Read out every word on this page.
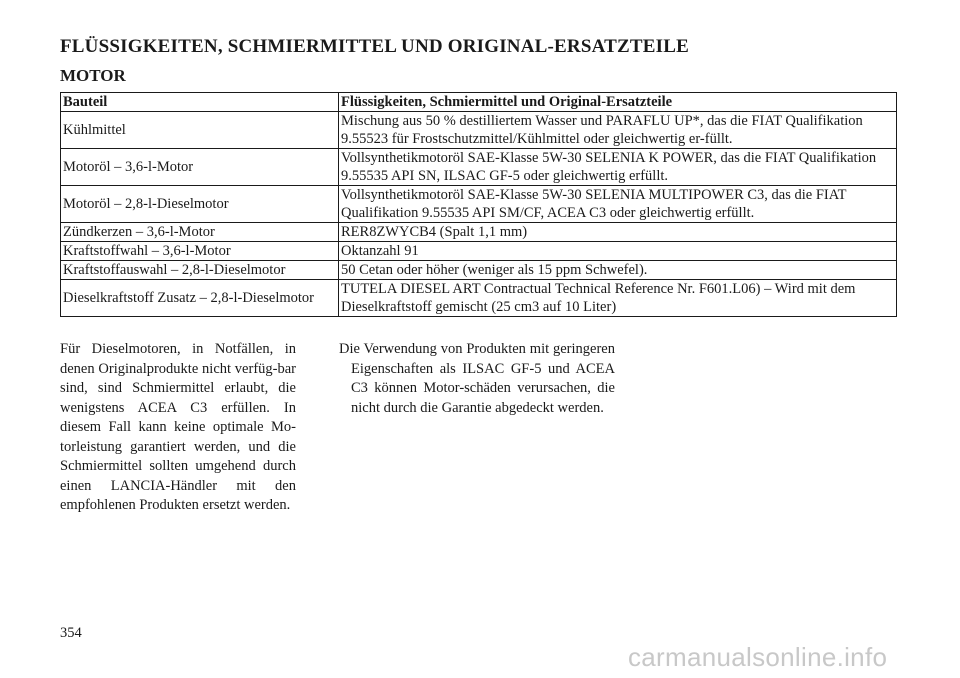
FLÜSSIGKEITEN, SCHMIERMITTEL UND ORIGINAL-ERSATZTEILE
MOTOR
Bauteil	Flüssigkeiten, Schmiermittel und Original-Ersatzteile
Kühlmittel	Mischung aus 50 % destilliertem Wasser und PARAFLU UP*, das die FIAT Qualifikation 9.55523 für Frostschutzmittel/Kühlmittel oder gleichwertig er-füllt.
Motoröl – 3,6-l-Motor	Vollsynthetikmotoröl SAE-Klasse 5W-30 SELENIA K POWER, das die FIAT Qualifikation 9.55535 API SN, ILSAC GF-5 oder gleichwertig erfüllt.
Motoröl – 2,8-l-Dieselmotor	Vollsynthetikmotoröl SAE-Klasse 5W-30 SELENIA MULTIPOWER C3, das die FIAT Qualifikation 9.55535 API SM/CF, ACEA C3 oder gleichwertig erfüllt.
Zündkerzen – 3,6-l-Motor	RER8ZWYCB4 (Spalt 1,1 mm)
Kraftstoffwahl – 3,6-l-Motor	Oktanzahl 91
Kraftstoffauswahl – 2,8-l-Dieselmotor	50 Cetan oder höher (weniger als 15 ppm Schwefel).
Dieselkraftstoff Zusatz – 2,8-l-Dieselmotor	TUTELA DIESEL ART Contractual Technical Reference Nr. F601.L06) – Wird mit dem Dieselkraftstoff gemischt (25 cm3 auf 10 Liter)
Für Dieselmotoren, in Notfällen, in denen Originalprodukte nicht verfüg-bar sind, sind Schmiermittel erlaubt, die wenigstens ACEA C3 erfüllen. In diesem Fall kann keine optimale Mo-torleistung garantiert werden, und die Schmiermittel sollten umgehend durch einen LANCIA-Händler mit den empfohlenen Produkten ersetzt werden.
Die Verwendung von Produkten mit geringeren Eigenschaften als ILSAC GF-5 und ACEA C3 können Motor-schäden verursachen, die nicht durch die Garantie abgedeckt werden.
354
carmanualsonline.info
